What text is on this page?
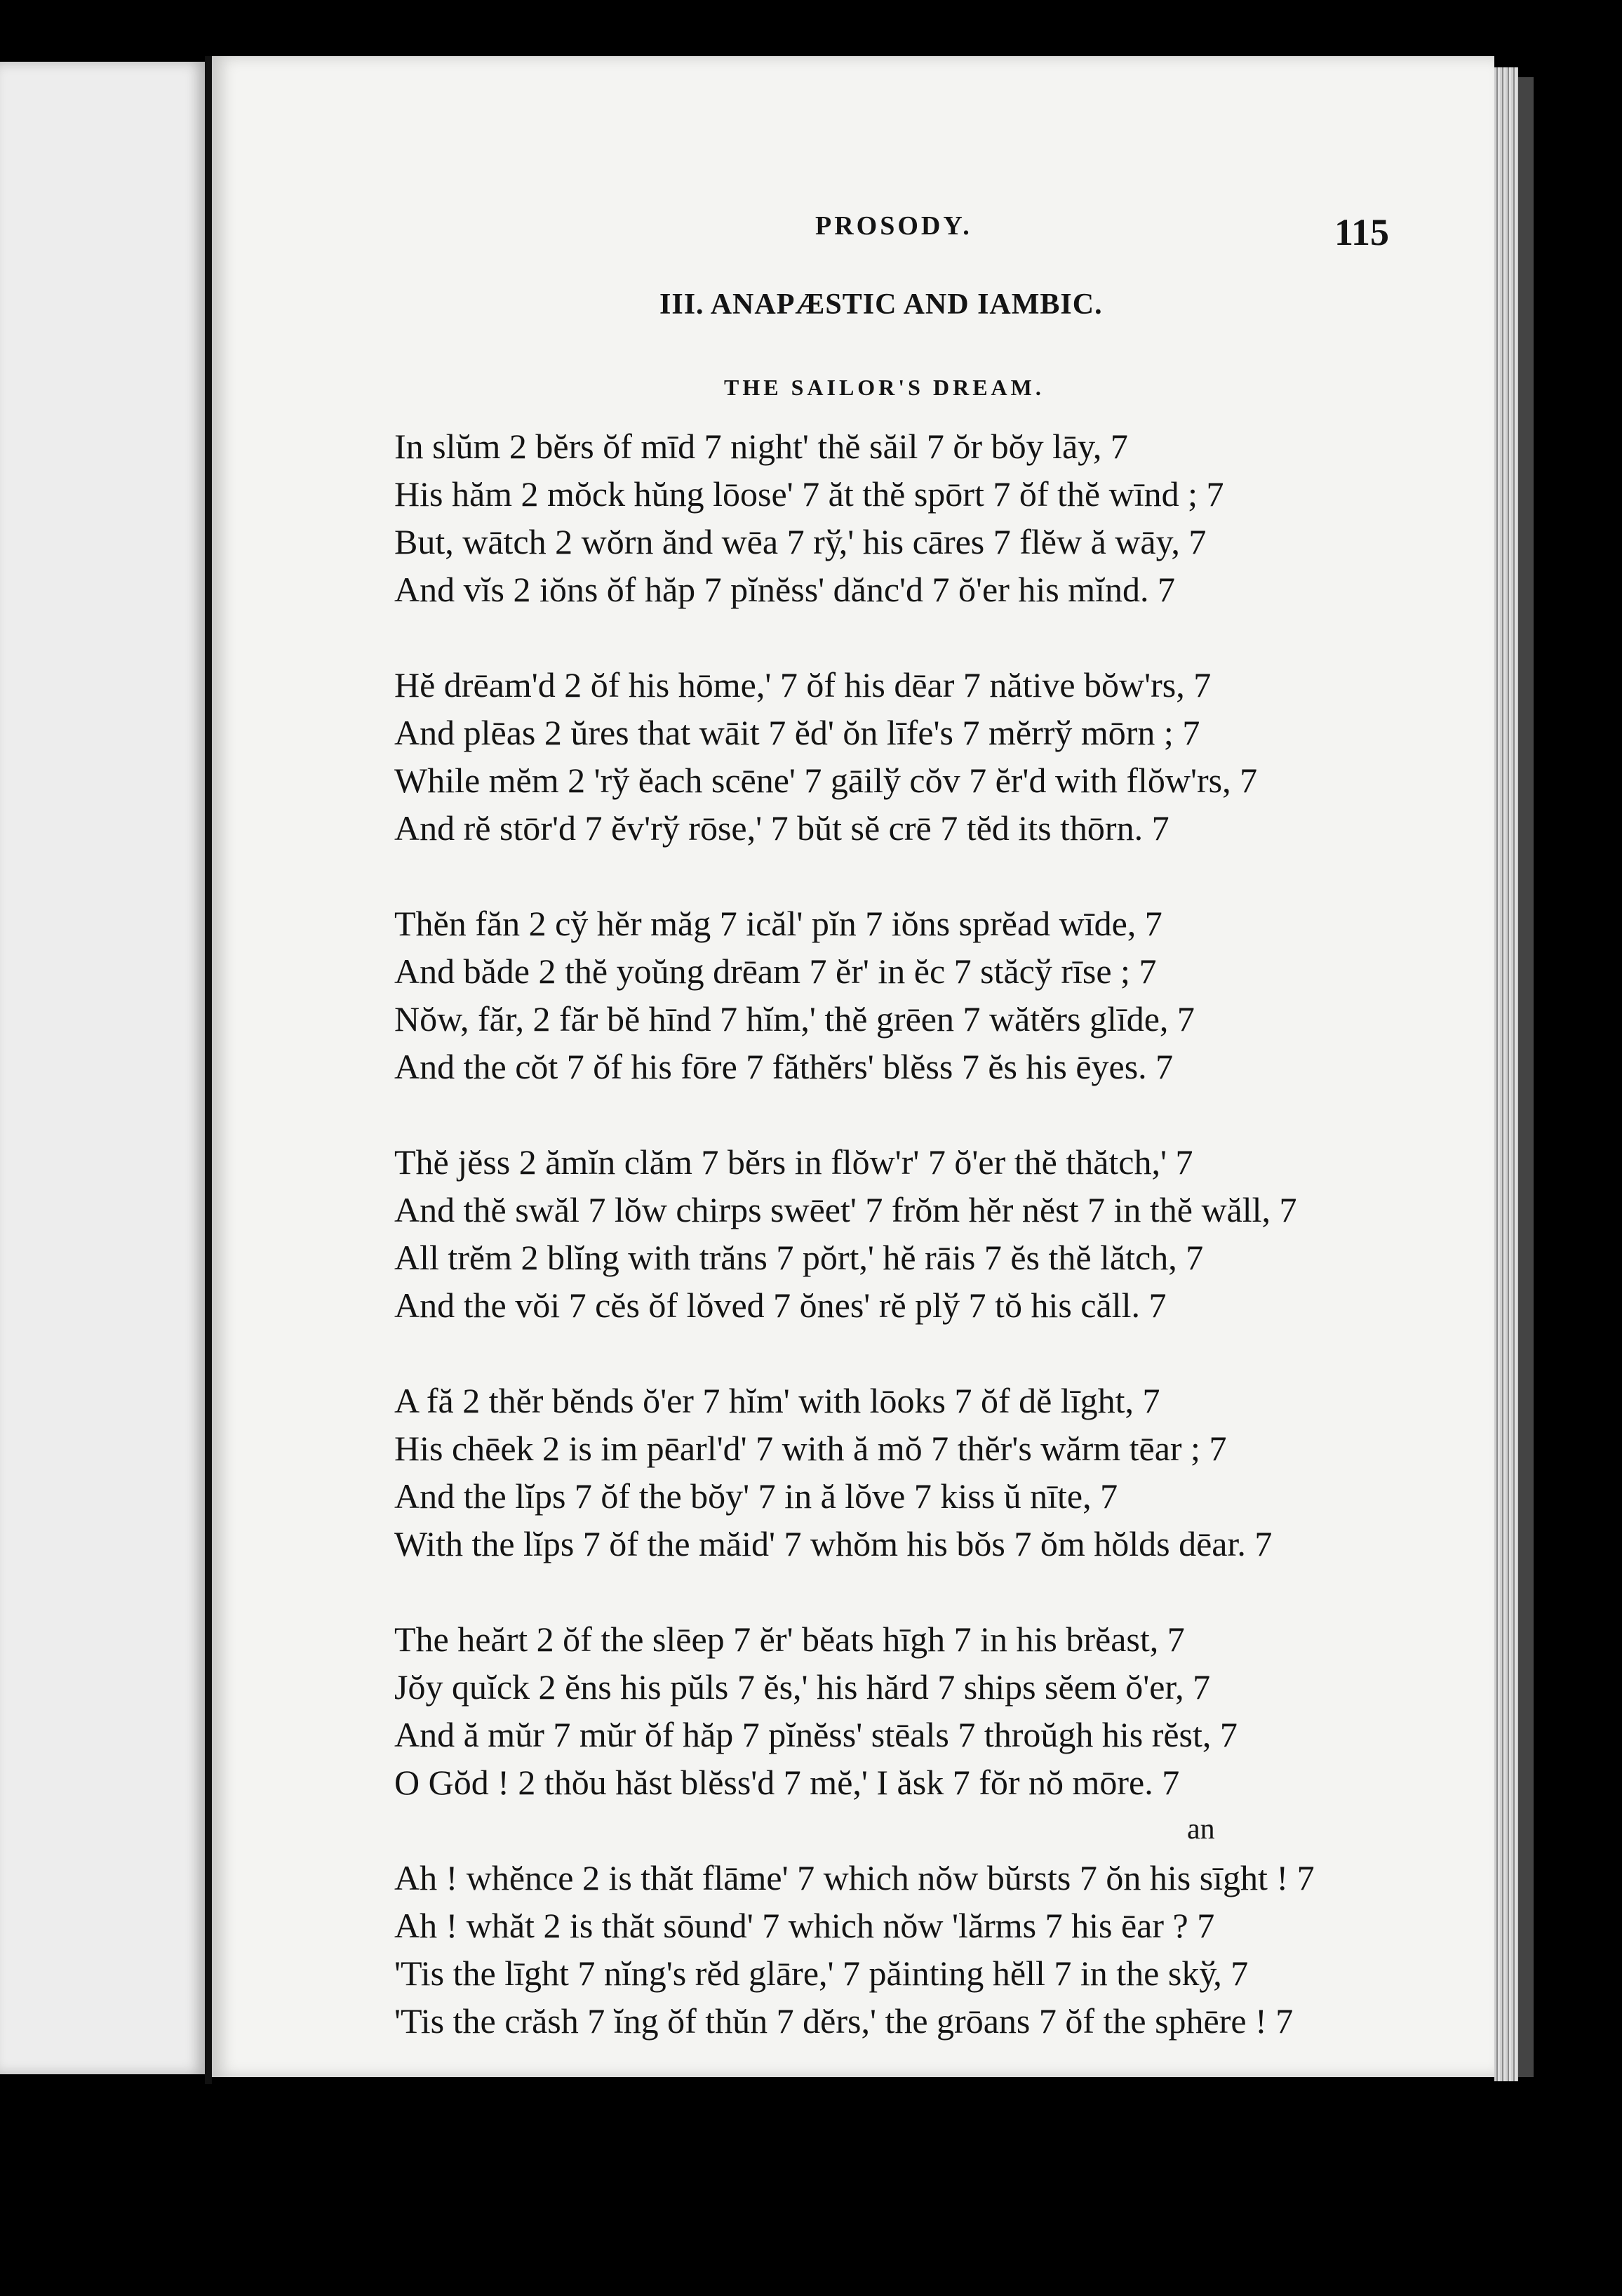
PROSODY.	115
III. ANAPÆSTIC AND IAMBIC.
THE SAILOR'S DREAM.
In slŭm 2 bĕrs ŏf mīd 7 night' thĕ săil 7 ŏr bŏy lāy, 7
His hăm 2 mŏck hŭng lōose' 7 ăt thĕ spōrt 7 ŏf thĕ wīnd ; 7
But, wātch 2 wŏrn ănd wēa 7 rў,' his cāres 7 flĕw ă wāy, 7
And vĭs 2 iŏns ŏf hăp 7 pĭnĕss' dănc'd 7 ŏ'er his mĭnd. 7
Hĕ drēam'd 2 ŏf his hōme,' 7 ŏf his dēar 7 nătive bŏw'rs, 7
And plēas 2 ŭres that wāit 7 ĕd' ŏn līfe's 7 mĕrrў mōrn ; 7
While mĕm 2 'rў ĕach scēne' 7 gāilў cŏv 7 ĕr'd with flŏw'rs, 7
And rĕ stōr'd 7 ĕv'rў rōse,' 7 bŭt sĕ crē 7 tĕd its thōrn. 7
Thĕn făn 2 cў hĕr măg 7 icăl' pĭn 7 iŏns sprĕad wīde, 7
And băde 2 thĕ yoŭng drēam 7 ĕr' in ĕc 7 stăcў rīse ; 7
Nŏw, făr, 2 făr bĕ hīnd 7 hĭm,' thĕ grēen 7 wătĕrs glīde, 7
And the cŏt 7 ŏf his fōre 7 făthĕrs' blĕss 7 ĕs his ēyes. 7
Thĕ jĕss 2 ămĭn clăm 7 bĕrs in flŏw'r' 7 ŏ'er thĕ thătch,' 7
And thĕ swăl 7 lŏw chirps swēet' 7 frŏm hĕr nĕst 7 in thĕ wăll, 7
All trĕm 2 blĭng with trăns 7 pŏrt,' hĕ rāis 7 ĕs thĕ lătch, 7
And the vŏi 7 cĕs ŏf lŏved 7 ŏnes' rĕ plў 7 tŏ his căll. 7
A fă 2 thĕr bĕnds ŏ'er 7 hĭm' with lōoks 7 ŏf dĕ līght, 7
His chēek 2 is im pēarl'd' 7 with ă mŏ 7 thĕr's wărm tēar ; 7
And the lĭps 7 ŏf the bŏy' 7 in ă lŏve 7 kiss ŭ nīte, 7
With the lĭps 7 ŏf the măid' 7 whŏm his bŏs 7 ŏm hŏlds dēar. 7
The heărt 2 ŏf the slēep 7 ĕr' bĕats hīgh 7 in his brĕast, 7
Jŏy quĭck 2 ĕns his pŭls 7 ĕs,' his hărd 7 ships sĕem ŏ'er, 7
And ă mŭr 7 mŭr ŏf hăp 7 pĭnĕss' stēals 7 throŭgh his rĕst, 7
O Gŏd ! 2 thŏu hăst blĕss'd 7 mĕ,' I ăsk 7 fŏr nŏ mōre. 7
an
Ah ! whĕnce 2 is thăt flāme' 7 which nŏw bŭrsts 7 ŏn his sīght ! 7
Ah ! whăt 2 is thăt sōund' 7 which nŏw 'lărms 7 his ēar ? 7
'Tis the līght 7 nĭng's rĕd glāre,' 7 păinting hĕll 7 in the skў, 7
'Tis the crăsh 7 ĭng ŏf thŭn 7 dĕrs,' the grōans 7 ŏf the sphēre ! 7
